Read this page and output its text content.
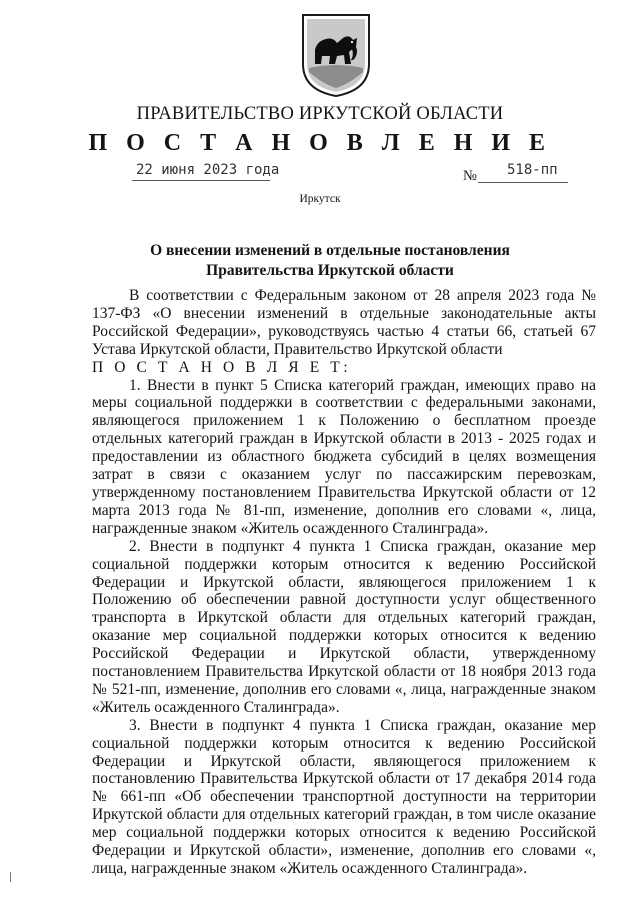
ПРАВИТЕЛЬСТВО ИРКУТСКОЙ ОБЛАСТИ
П О С Т А Н О В Л Е Н И Е
22 июня 2023 года	№ 518-пп
Иркутск
О внесении изменений в отдельные постановления Правительства Иркутской области

В соответствии с Федеральным законом от 28 апреля 2023 года № 137-ФЗ «О внесении изменений в отдельные законодательные акты Российской Федерации», руководствуясь частью 4 статьи 66, статьей 67 Устава Иркутской области, Правительство Иркутской области

П О С Т А Н О В Л Я Е Т:

1. Внести в пункт 5 Списка категорий граждан, имеющих право на меры социальной поддержки в соответствии с федеральными законами, являющегося приложением 1 к Положению о бесплатном проезде отдельных категорий граждан в Иркутской области в 2013 - 2025 годах и предоставлении из областного бюджета субсидий в целях возмещения затрат в связи с оказанием услуг по пассажирским перевозкам, утвержденному постановлением Правительства Иркутской области от 12 марта 2013 года № 81-пп, изменение, дополнив его словами «, лица, награжденные знаком «Житель осажденного Сталинграда».

2. Внести в подпункт 4 пункта 1 Списка граждан, оказание мер социальной поддержки которым относится к ведению Российской Федерации и Иркутской области, являющегося приложением 1 к Положению об обеспечении равной доступности услуг общественного транспорта в Иркутской области для отдельных категорий граждан, оказание мер социальной поддержки которых относится к ведению Российской Федерации и Иркутской области, утвержденному постановлением Правительства Иркутской области от 18 ноября 2013 года № 521-пп, изменение, дополнив его словами «, лица, награжденные знаком «Житель осажденного Сталинграда».

3. Внести в подпункт 4 пункта 1 Списка граждан, оказание мер социальной поддержки которым относится к ведению Российской Федерации и Иркутской области, являющегося приложением к постановлению Правительства Иркутской области от 17 декабря 2014 года № 661-пп «Об обеспечении транспортной доступности на территории Иркутской области для отдельных категорий граждан, в том числе оказание мер социальной поддержки которых относится к ведению Российской Федерации и Иркутской области», изменение, дополнив его словами «, лица, награжденные знаком «Житель осажденного Сталинграда».
